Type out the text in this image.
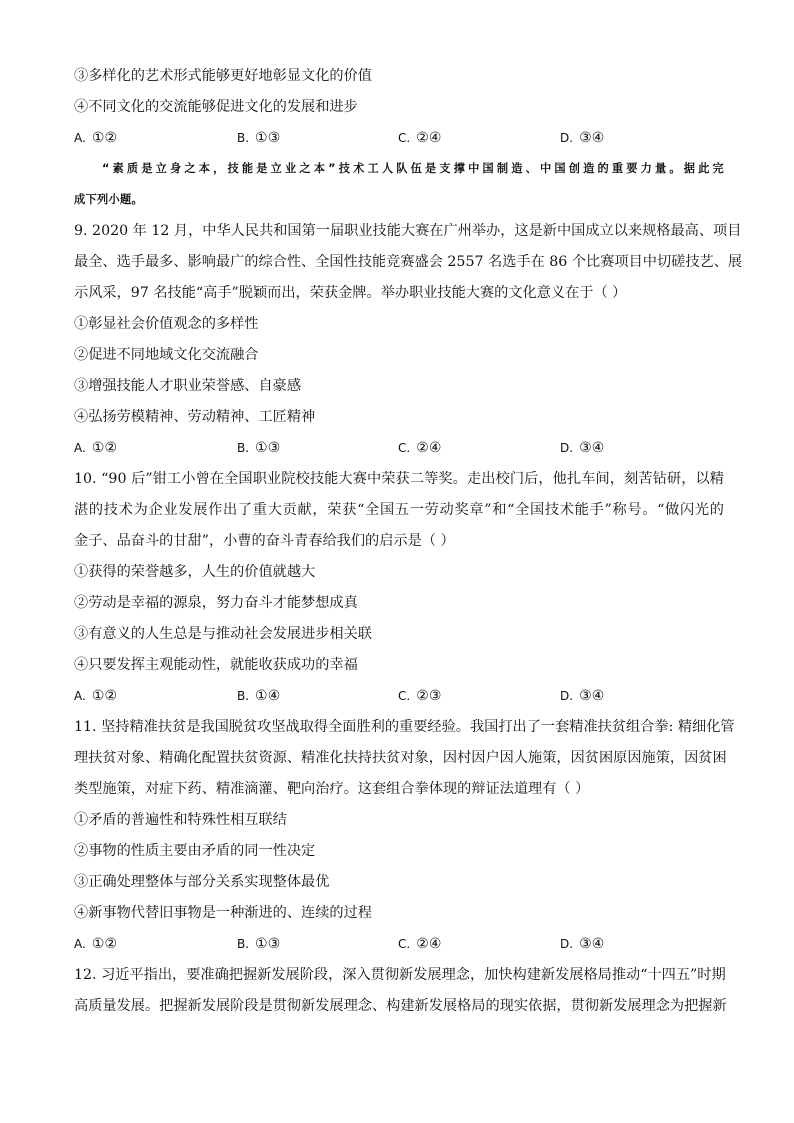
③多样化的艺术形式能够更好地彰显文化的价值
④不同文化的交流能够促进文化的发展和进步
A. ①②	B. ①③	C. ②④	D. ③④
“素质是立身之本，技能是立业之本”技术工人队伍是支撑中国制造、中国创造的重要力量。据此完
成下列小题。
9. 2020 年 12 月，中华人民共和国第一届职业技能大赛在广州举办，这是新中国成立以来规格最高、项目
最全、选手最多、影响最广的综合性、全国性技能竞赛盛会 2557 名选手在 86 个比赛项目中切磋技艺、展
示风采，97 名技能“高手”脱颖而出，荣获金牌。举办职业技能大赛的文化意义在于（ ）
①彰显社会价值观念的多样性
②促进不同地域文化交流融合
③增强技能人才职业荣誉感、自豪感
④弘扬劳模精神、劳动精神、工匠精神
A. ①②	B. ①③	C. ②④	D. ③④
10. “90 后”钳工小曾在全国职业院校技能大赛中荣获二等奖。走出校门后，他扎车间，刻苦钻研，以精
湛的技术为企业发展作出了重大贡献，荣获“全国五一劳动奖章”和“全国技术能手”称号。“做闪光的
金子、品奋斗的甘甜”，小曹的奋斗青春给我们的启示是（ ）
①获得的荣誉越多，人生的价值就越大
②劳动是幸福的源泉，努力奋斗才能梦想成真
③有意义的人生总是与推动社会发展进步相关联
④只要发挥主观能动性，就能收获成功的幸福
A. ①②	B. ①④	C. ②③	D. ③④
11. 坚持精准扶贫是我国脱贫攻坚战取得全面胜利的重要经验。我国打出了一套精准扶贫组合拳: 精细化管
理扶贫对象、精确化配置扶贫资源、精准化扶持扶贫对象，因村因户因人施策，因贫困原因施策，因贫困
类型施策，对症下药、精准滴灌、靶向治疗。这套组合拳体现的辩证法道理有（ ）
①矛盾的普遍性和特殊性相互联结
②事物的性质主要由矛盾的同一性决定
③正确处理整体与部分关系实现整体最优
④新事物代替旧事物是一种渐进的、连续的过程
A. ①②	B. ①③	C. ②④	D. ③④
12. 习近平指出，要准确把握新发展阶段，深入贯彻新发展理念，加快构建新发展格局推动“十四五”时期
高质量发展。把握新发展阶段是贯彻新发展理念、构建新发展格局的现实依据，贯彻新发展理念为把握新
